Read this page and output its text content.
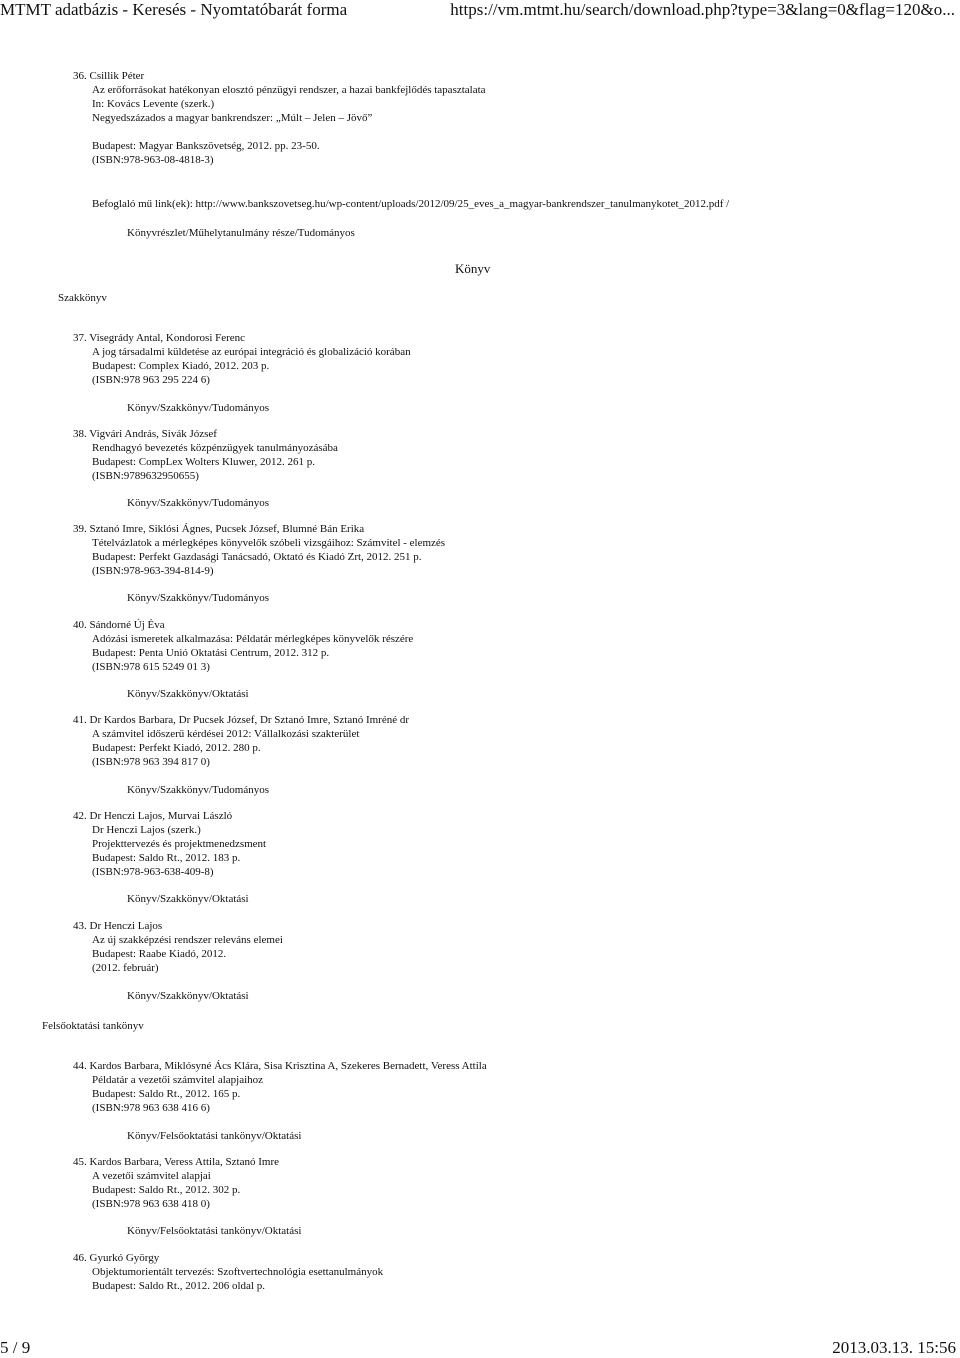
MTMT adatbázis - Keresés - Nyomtatóbarát forma	https://vm.mtmt.hu/search/download.php?type=3&lang=0&flag=120&o...
36. Csillik Péter
Az erőforrásokat hatékonyan elosztó pénzügyi rendszer, a hazai bankfejlődés tapasztalata
In: Kovács Levente (szerk.)
Negyedszázados a magyar bankrendszer: „Múlt – Jelen – Jövő”
Budapest: Magyar Bankszövetség, 2012. pp. 23-50.
(ISBN:978-963-08-4818-3)
Befoglaló mű link(ek): http://www.bankszovetseg.hu/wp-content/uploads/2012/09/25_eves_a_magyar-bankrendszer_tanulmanykotet_2012.pdf /
Könyvrészlet/Műhelytanulmány része/Tudományos
Könyv
Szakkönyv
37. Visegrády Antal, Kondorosi Ferenc
A jog társadalmi küldetése az európai integráció és globalizáció korában
Budapest: Complex Kiadó, 2012. 203 p.
(ISBN:978 963 295 224 6)
Könyv/Szakkönyv/Tudományos
38. Vigvári András, Sivák József
Rendhagyó bevezetés közpénzügyek tanulmányozásába
Budapest: CompLex Wolters Kluwer, 2012. 261 p.
(ISBN:9789632950655)
Könyv/Szakkönyv/Tudományos
39. Sztanó Imre, Siklósi Ágnes, Pucsek József, Blumné Bán Erika
Tételvázlatok a mérlegképes könyvelők szóbeli vizsgáihoz: Számvitel - elemzés
Budapest: Perfekt Gazdasági Tanácsadó, Oktató és Kiadó Zrt, 2012. 251 p.
(ISBN:978-963-394-814-9)
Könyv/Szakkönyv/Tudományos
40. Sándorné Új Éva
Adózási ismeretek alkalmazása: Példatár mérlegképes könyvelők részére
Budapest: Penta Unió Oktatási Centrum, 2012. 312 p.
(ISBN:978 615 5249 01 3)
Könyv/Szakkönyv/Oktatási
41. Dr Kardos Barbara, Dr Pucsek József, Dr Sztanó Imre, Sztanó Imréné dr
A számvitel időszerű kérdései 2012: Vállalkozási szakterület
Budapest: Perfekt Kiadó, 2012. 280 p.
(ISBN:978 963 394 817 0)
Könyv/Szakkönyv/Tudományos
42. Dr Henczi Lajos, Murvai László
Dr Henczi Lajos (szerk.)
Projekttervezés és projektmenedzsment
Budapest: Saldo Rt., 2012. 183 p.
(ISBN:978-963-638-409-8)
Könyv/Szakkönyv/Oktatási
43. Dr Henczi Lajos
Az új szakképzési rendszer releváns elemei
Budapest: Raabe Kiadó, 2012.
(2012. február)
Könyv/Szakkönyv/Oktatási
Felsőoktatási tankönyv
44. Kardos Barbara, Miklósyné Ács Klára, Sisa Krisztina A, Szekeres Bernadett, Veress Attila
Példatár a vezetői számvitel alapjaihoz
Budapest: Saldo Rt., 2012. 165 p.
(ISBN:978 963 638 416 6)
Könyv/Felsőoktatási tankönyv/Oktatási
45. Kardos Barbara, Veress Attila, Sztanó Imre
A vezetői számvitel alapjai
Budapest: Saldo Rt., 2012. 302 p.
(ISBN:978 963 638 418 0)
Könyv/Felsőoktatási tankönyv/Oktatási
46. Gyurkó György
Objektumorientált tervezés: Szoftvertechnológia esettanulmányok
Budapest: Saldo Rt., 2012. 206 oldal p.
5 / 9	2013.03.13. 15:56
